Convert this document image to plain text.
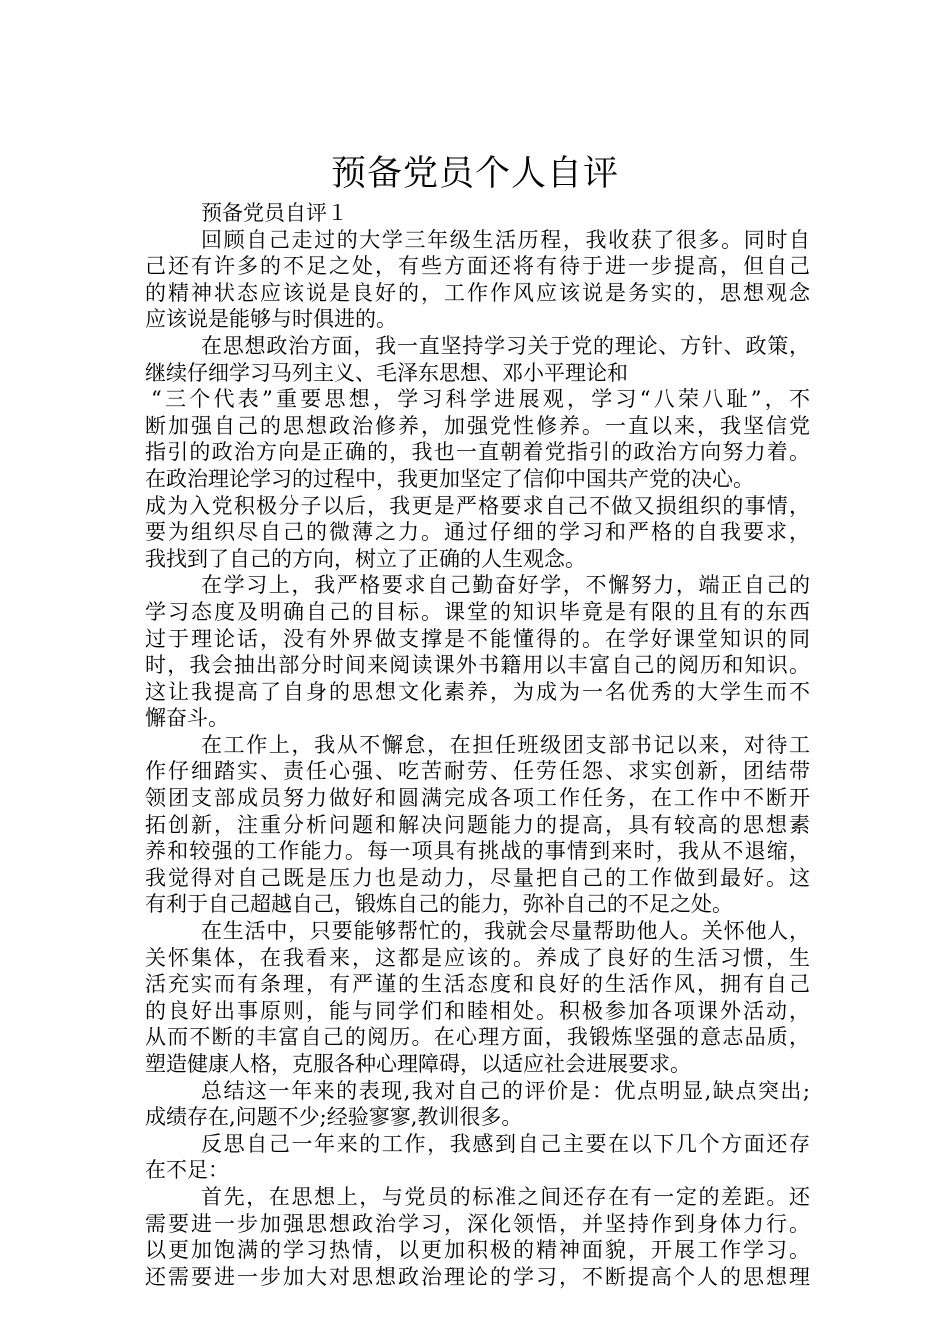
预备党员个人自评
预备党员自评１
回顾自己走过的大学三年级生活历程，我收获了很多。同时自
己还有许多的不足之处，有些方面还将有待于进一步提高，但自己
的精神状态应该说是良好的，工作作风应该说是务实的，思想观念
应该说是能够与时俱进的。
在思想政治方面，我一直坚持学习关于党的理论、方针、政策，
继续仔细学习马列主义、毛泽东思想、邓小平理论和
“三个代表”重要思想，学习科学进展观，学习“八荣八耻”，不
断加强自己的思想政治修养，加强党性修养。一直以来，我坚信党
指引的政治方向是正确的，我也一直朝着党指引的政治方向努力着。
在政治理论学习的过程中，我更加坚定了信仰中国共产党的决心。
成为入党积极分子以后，我更是严格要求自己不做又损组织的事情，
要为组织尽自己的微薄之力。通过仔细的学习和严格的自我要求，
我找到了自己的方向，树立了正确的人生观念。
在学习上，我严格要求自己勤奋好学，不懈努力，端正自己的
学习态度及明确自己的目标。课堂的知识毕竟是有限的且有的东西
过于理论话，没有外界做支撑是不能懂得的。在学好课堂知识的同
时，我会抽出部分时间来阅读课外书籍用以丰富自己的阅历和知识。
这让我提高了自身的思想文化素养，为成为一名优秀的大学生而不
懈奋斗。
在工作上，我从不懈怠，在担任班级团支部书记以来，对待工
作仔细踏实、责任心强、吃苦耐劳、任劳任怨、求实创新，团结带
领团支部成员努力做好和圆满完成各项工作任务，在工作中不断开
拓创新，注重分析问题和解决问题能力的提高，具有较高的思想素
养和较强的工作能力。每一项具有挑战的事情到来时，我从不退缩，
我觉得对自己既是压力也是动力，尽量把自己的工作做到最好。这
有利于自己超越自己，锻炼自己的能力，弥补自己的不足之处。
在生活中，只要能够帮忙的，我就会尽量帮助他人。关怀他人，
关怀集体，在我看来，这都是应该的。养成了良好的生活习惯，生
活充实而有条理，有严谨的生活态度和良好的生活作风，拥有自己
的良好出事原则，能与同学们和睦相处。积极参加各项课外活动，
从而不断的丰富自己的阅历。在心理方面，我锻炼坚强的意志品质，
塑造健康人格，克服各种心理障碍，以适应社会进展要求。
总结这一年来的表现,我对自己的评价是：优点明显,缺点突出;
成绩存在,问题不少;经验寥寥,教训很多。
反思自己一年来的工作，我感到自己主要在以下几个方面还存
在不足：
首先，在思想上，与党员的标准之间还存在有一定的差距。还
需要进一步加强思想政治学习，深化领悟，并坚持作到身体力行。
以更加饱满的学习热情，以更加积极的精神面貌，开展工作学习。
还需要进一步加大对思想政治理论的学习，不断提高个人的思想理
